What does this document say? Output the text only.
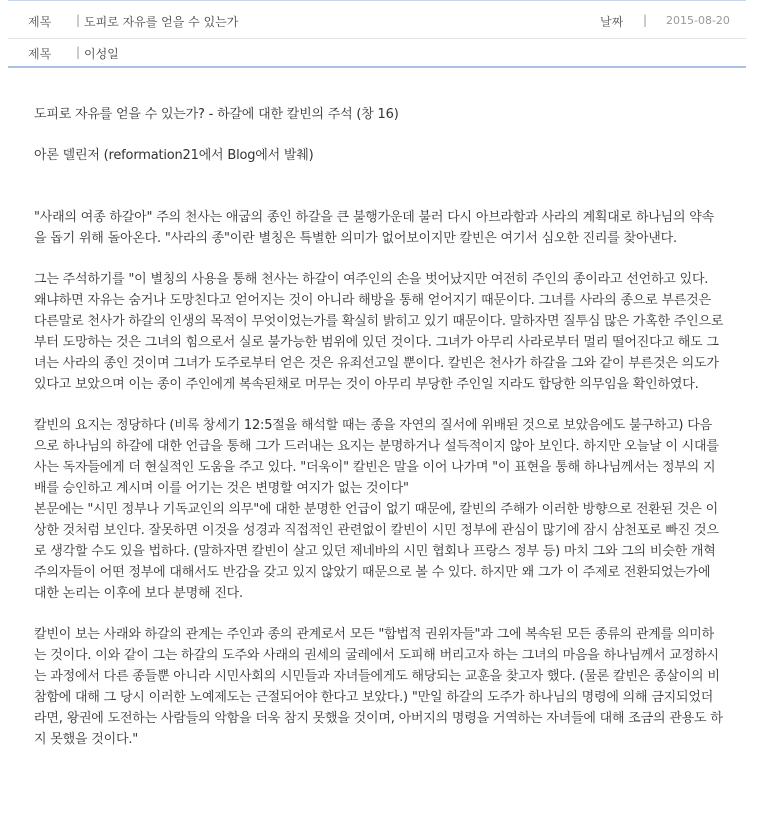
제목 | 도피로 자유를 얻을 수 있는가	날짜 | 2015-08-20
제목 | 이성일

도피로 자유를 얻을 수 있는가? - 하갈에 대한 칼빈의 주석 (창 16)

아론 델린저 (reformation21에서 Blog에서 발췌)

"사래의 여종 하갈아" 주의 천사는 애굽의 종인 하갈을 큰 불행가운데 불러 다시 아브라함과 사라의 계획대로 하나님의 약속을 돕기 위해 돌아온다. "사라의 종"이란 별칭은 특별한 의미가 없어보이지만 칼빈은 여기서 심오한 진리를 찾아낸다.

그는 주석하기를 "이 별칭의 사용을 통해 천사는 하갈이 여주인의 손을 벗어났지만 여전히 주인의 종이라고 선언하고 있다. 왜냐하면 자유는 숨거나 도망친다고 얻어지는 것이 아니라 해방을 통해 얻어지기 때문이다. 그녀를 사라의 종으로 부른것은 다른말로 천사가 하갈의 인생의 목적이 무엇이었는가를 확실히 밝히고 있기 때문이다. 말하자면 질투심 많은 가혹한 주인으로부터 도망하는 것은 그녀의 힘으로서 실로 불가능한 범위에 있던 것이다. 그녀가 아무리 사라로부터 멀리 떨어진다고 해도 그녀는 사라의 종인 것이며 그녀가 도주로부터 얻은 것은 유죄선고일 뿐이다. 칼빈은 천사가 하갈을 그와 같이 부른것은 의도가 있다고 보았으며 이는 종이 주인에게 복속된채로 머무는 것이 아무리 부당한 주인일 지라도 합당한 의무임을 확인하였다.

칼빈의 요지는 정당하다 (비록 창세기 12:5절을 해석할 때는 종을 자연의 질서에 위배된 것으로 보았음에도 불구하고) 다음으로 하나님의 하갈에 대한 언급을 통해 그가 드러내는 요지는 분명하거나 설득적이지 않아 보인다. 하지만 오늘날 이 시대를 사는 독자들에게 더 현실적인 도움을 주고 있다. "더욱이" 칼빈은 말을 이어 나가며 "이 표현을 통해 하나님께서는 정부의 지배를 승인하고 계시며 이를 어기는 것은 변명할 여지가 없는 것이다"

본문에는 "시민 정부나 기독교인의 의무"에 대한 분명한 언급이 없기 때문에, 칼빈의 주해가 이러한 방향으로 전환된 것은 이상한 것처럼 보인다. 잘못하면 이것을 성경과 직접적인 관련없이 칼빈이 시민 정부에 관심이 많기에 잠시 삼천포로 빠진 것으로 생각할 수도 있을 법하다. (말하자면 칼빈이 살고 있던 제네바의 시민 협회나 프랑스 정부 등) 마치 그와 그의 비슷한 개혁주의자들이 어떤 정부에 대해서도 반감을 갖고 있지 않았기 때문으로 볼 수 있다. 하지만 왜 그가 이 주제로 전환되었는가에 대한 논리는 이후에 보다 분명해 진다.

칼빈이 보는 사래와 하갈의 관계는 주인과 종의 관계로서 모든 "합법적 권위자들"과 그에 복속된 모든 종류의 관계를 의미하는 것이다. 이와 같이 그는 하갈의 도주와 사래의 권세의 굴레에서 도피해 버리고자 하는 그녀의 마음을 하나님께서 교정하시는 과정에서 다른 종들뿐 아니라 시민사회의 시민들과 자녀들에게도 해당되는 교훈을 찾고자 했다. (물론 칼빈은 종살이의 비참함에 대해 그 당시 이러한 노예제도는 근절되어야 한다고 보았다.) "만일 하갈의 도주가 하나님의 명령에 의해 금지되었더라면, 왕권에 도전하는 사람들의 악함을 더욱 참지 못했을 것이며, 아버지의 명령을 거역하는 자녀들에 대해 조금의 관용도 하지 못했을 것이다."
